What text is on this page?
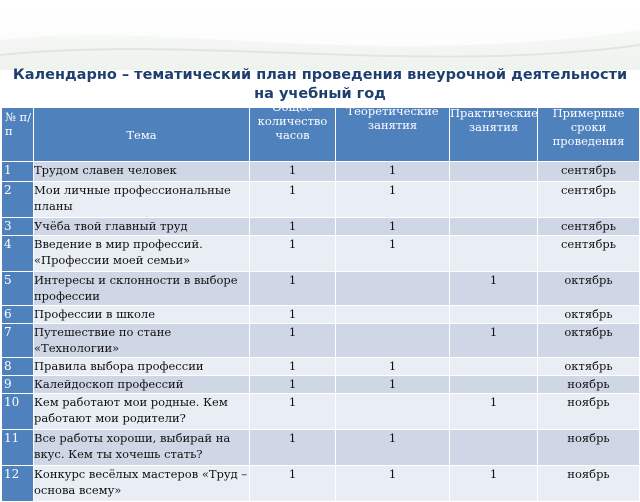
Календарно – тематический план проведения внеурочной деятельности на учебный год
№ п/п	Тема	Общее количество часов	Теоретические занятия	Практические занятия	Примерные сроки проведения

1	Трудом славен человек	1	1		сентябрь
2	Мои личные профессиональные планы	1	1		сентябрь
3	Учёба твой главный труд	1	1		сентябрь
4	Введение в мир профессий. «Профессии моей семьи»	1	1		сентябрь
5	Интересы и склонности в выборе профессии	1		1	октябрь
6	Профессии в школе	1			октябрь
7	Путешествие по стане «Технологии»	1		1	октябрь
8	Правила выбора профессии	1	1		октябрь
9	Калейдоскоп профессий	1	1		ноябрь
10	Кем работают мои родные. Кем работают мои родители?	1		1	ноябрь
11	Все работы хороши, выбирай на вкус. Кем ты хочешь стать?	1	1		ноябрь
12	Конкурс весёлых мастеров «Труд – основа всему»	1	1	1	ноябрь
